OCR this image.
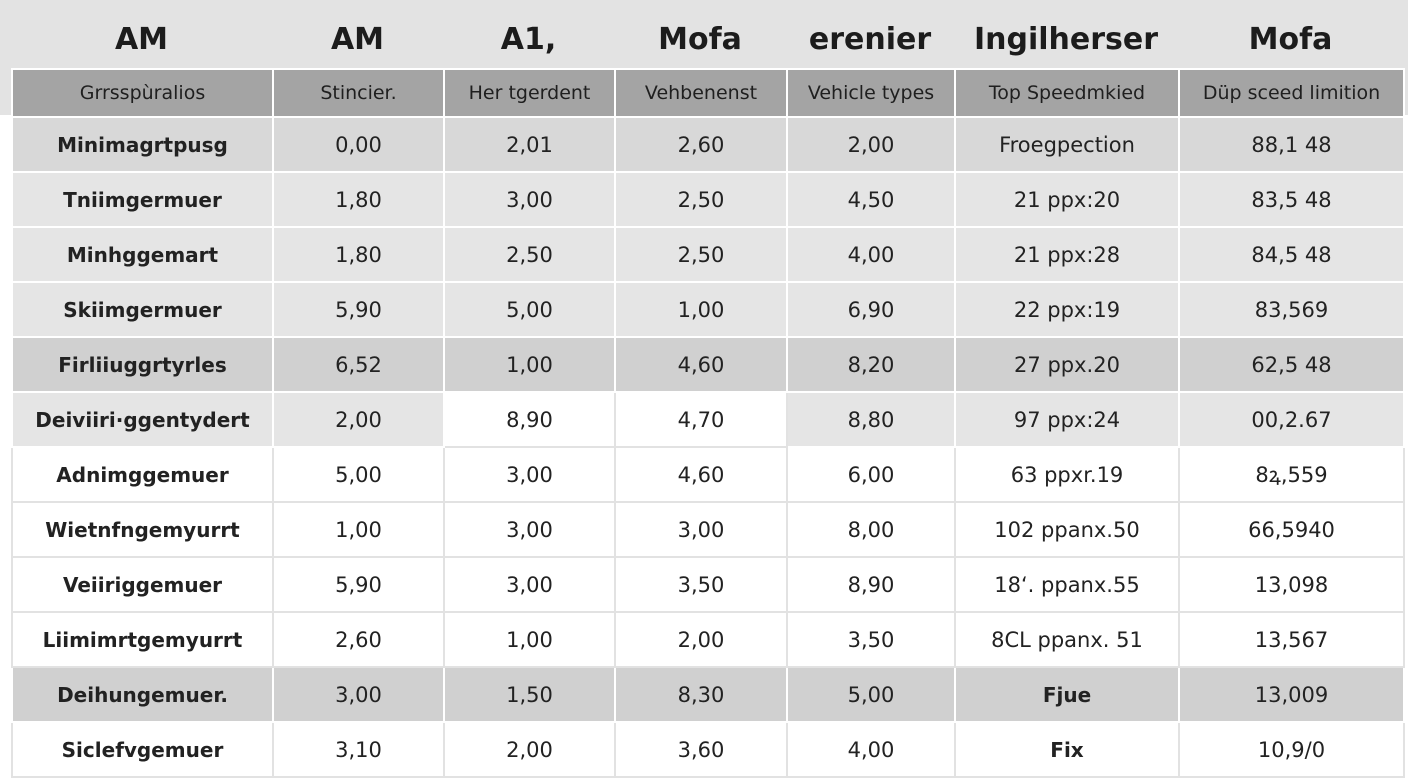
AM	AM	A1,	Mofa	erenier	Ingilherser	Mofa
Grrsspùralios	Stincier.	Her tgerdent	Vehbenenst	Vehicle types	Top Speedmkied	Düp sceed limition
Minimagrtpusg	0,00	2,01	2,60	2,00	Froegpection	88,1 48
Tniimgermuer	1,80	3,00	2,50	4,50	21 ppx:20	83,5 48
Minhggemart	1,80	2,50	2,50	4,00	21 ppx:28	84,5 48
Skiimgermuer	5,90	5,00	1,00	6,90	22 ppx:19	83,569
Firliiuggrtyrles	6,52	1,00	4,60	8,20	27 ppx.20	62,5 48
Deiviiri·ggentydert	2,00	8,90	4,70	8,80	97 ppx:24	00,2.67
Adnimggemuer	5,00	3,00	4,60	6,00	63 ppxr.19	8ꝝ,559
Wietnfngemyurrt	1,00	3,00	3,00	8,00	102 ppanx.50	66,5940
Veiiriggemuer	5,90	3,00	3,50	8,90	18ʻ. ppanx.55	13,098
Liimimrtgemyurrt	2,60	1,00	2,00	3,50	8CL ppanx. 51	13,567
Deihungemuer.	3,00	1,50	8,30	5,00	Fjue	13,009
Siclefvgemuer	3,10	2,00	3,60	4,00	Fix	10,9/0
